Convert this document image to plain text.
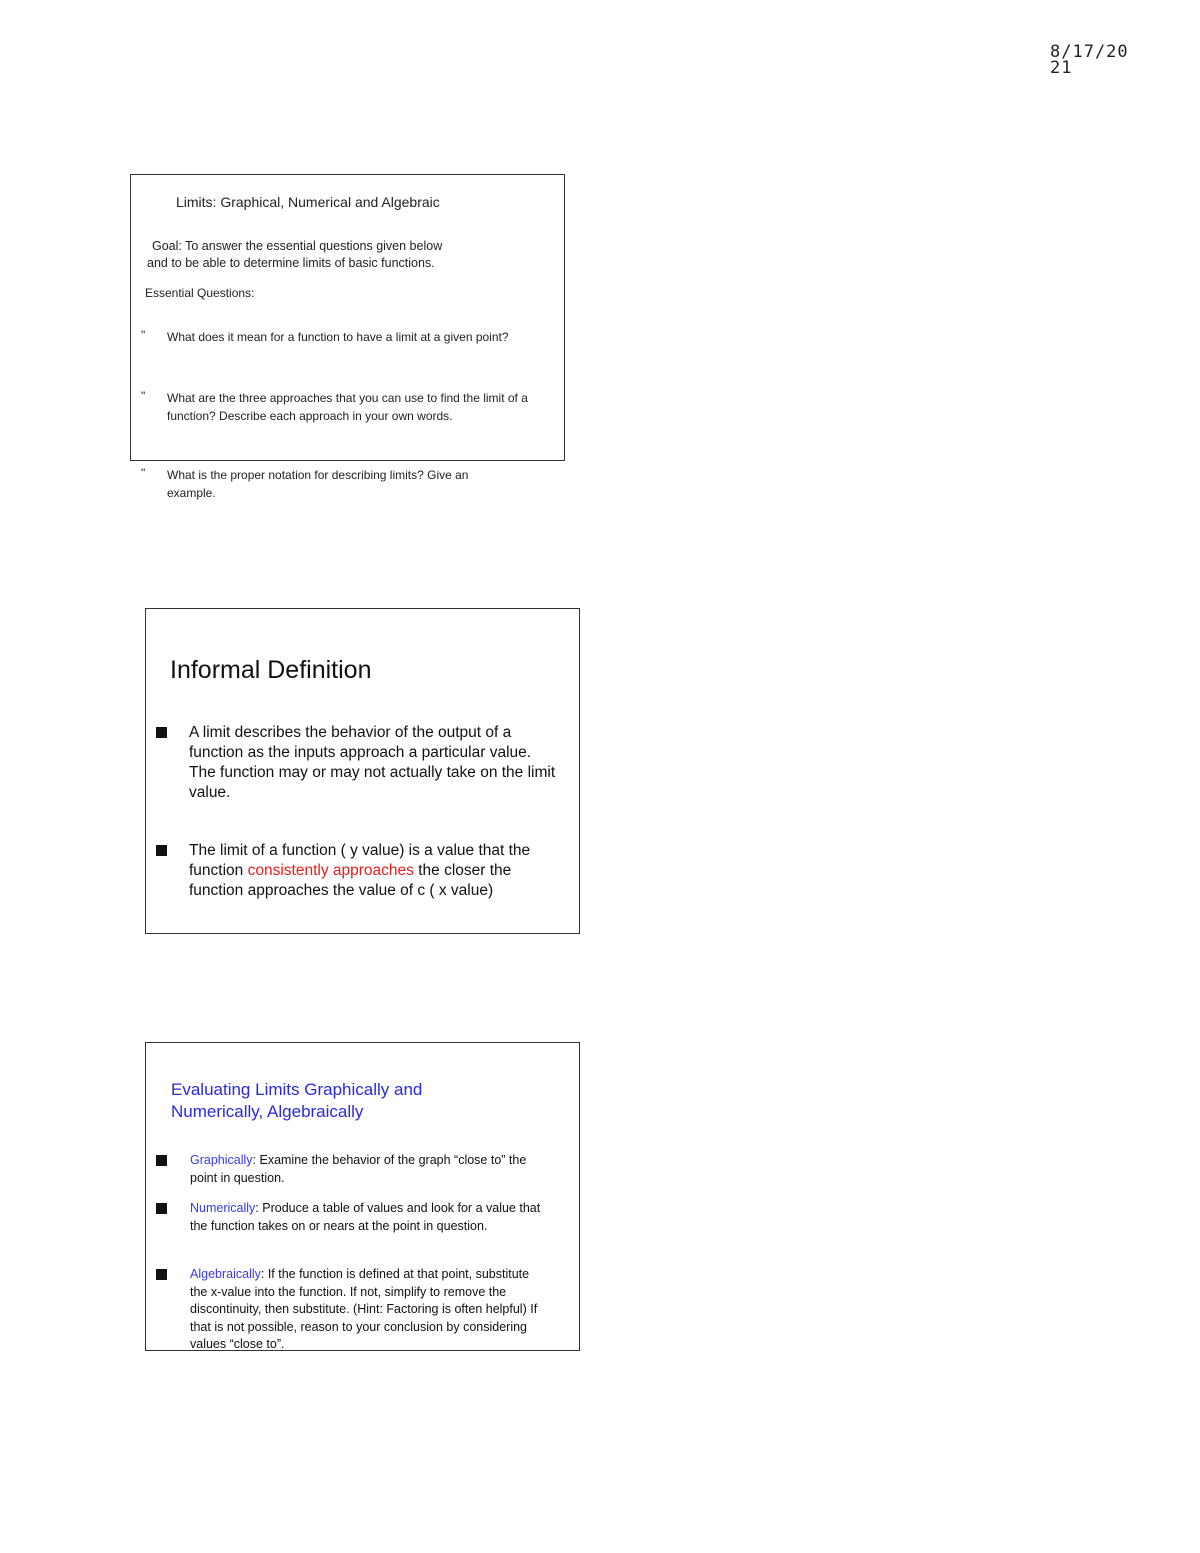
8/17/20
21
Limits: Graphical, Numerical and Algebraic
Goal: To answer the essential questions given below
and to be able to determine limits of basic functions.
Essential Questions:
" What does it mean for a function to have a limit at a given point?
" What are the three approaches that you can use to find the limit of a function? Describe each approach in your own words.
" What is the proper notation for describing limits? Give an example.
Informal Definition
A limit describes the behavior of the output of a function as the inputs approach a particular value. The function may or may not actually take on the limit value.
The limit of a function ( y value) is a value that the function consistently approaches the closer the function approaches the value of c ( x value)
Evaluating Limits Graphically and Numerically, Algebraically
Graphically: Examine the behavior of the graph “close to” the point in question.
Numerically: Produce a table of values and look for a value that the function takes on or nears at the point in question.
Algebraically: If the function is defined at that point, substitute the x-value into the function. If not, simplify to remove the discontinuity, then substitute. (Hint: Factoring is often helpful) If that is not possible, reason to your conclusion by considering values “close to”.
